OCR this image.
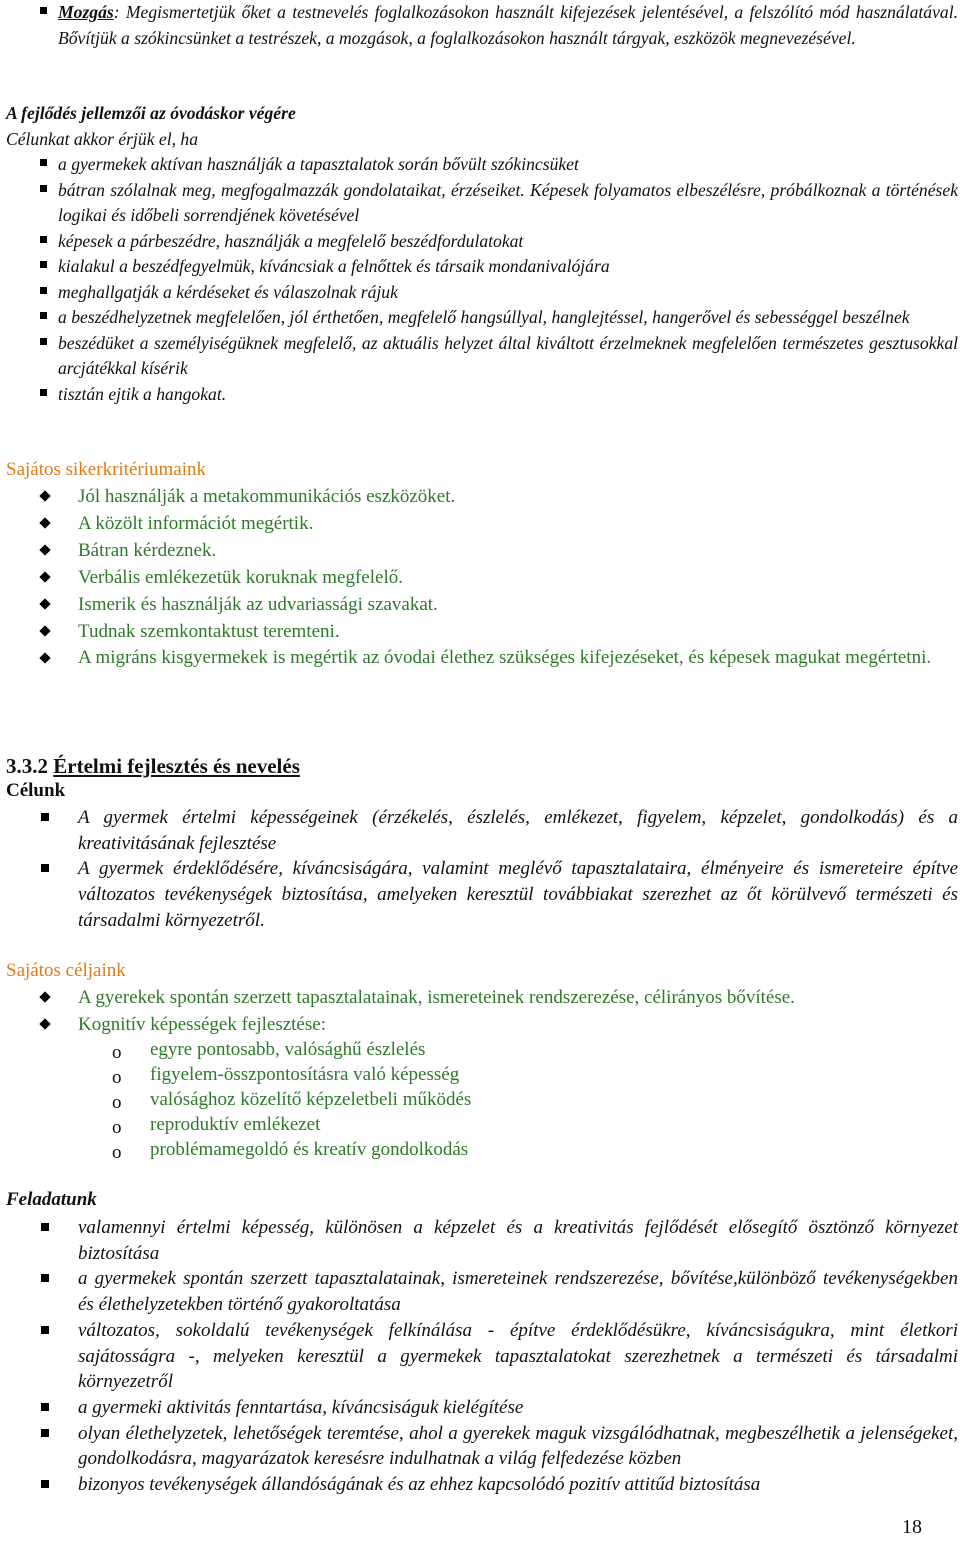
Mozgás: Megismertetjük őket a testnevelés foglalkozásokon használt kifejezések jelentésével, a felszólító mód használatával. Bővítjük a szókincsünket a testrészek, a mozgások, a foglalkozásokon használt tárgyak, eszközök megnevezésével.
A fejlődés jellemzői az óvodáskor végére
Célunkat akkor érjük el, ha
a gyermekek aktívan használják a tapasztalatok során bővült szókincsüket
bátran szólalnak meg, megfogalmazzák gondolataikat, érzéseiket. Képesek folyamatos elbeszélésre, próbálkoznak a történések logikai és időbeli sorrendjének követésével
képesek a párbeszédre, használják a megfelelő beszédfordulatokat
kialakul a beszédfegyelmük, kíváncsiak a felnőttek és társaik mondanivalójára
meghallgatják a kérdéseket és válaszolnak rájuk
a beszédhelyzetnek megfelelően, jól érthetően, megfelelő hangsúllyal, hanglejtéssel, hangerővel és sebességgel beszélnek
beszédüket a személyiségüknek megfelelő, az aktuális helyzet által kiváltott érzelmeknek megfelelően természetes gesztusokkal arcjátékkal kísérik
tisztán ejtik a hangokat.
Sajátos sikerkritériumaink
Jól használják a metakommunikációs eszközöket.
A közölt információt megértik.
Bátran kérdeznek.
Verbális emlékezetük koruknak megfelelő.
Ismerik és használják az udvariassági szavakat.
Tudnak szemkontaktust teremteni.
A migráns kisgyermekek is megértik az óvodai élethez szükséges kifejezéseket, és képesek magukat megértetni.
3.3.2 Értelmi fejlesztés és nevelés
Célunk
A gyermek értelmi képességeinek (érzékelés, észlelés, emlékezet, figyelem, képzelet, gondolkodás) és a kreativitásának fejlesztése
A gyermek érdeklődésére, kíváncsiságára, valamint meglévő tapasztalataira, élményeire és ismereteire építve változatos tevékenységek biztosítása, amelyeken keresztül továbbiakat szerezhet az őt körülvevő természeti és társadalmi környezetről.
Sajátos céljaink
A gyerekek spontán szerzett tapasztalatainak, ismereteinek rendszerezése, célirányos bővítése.
Kognitív képességek fejlesztése:
o egyre pontosabb, valósághű észlelés
o figyelem-összpontosításra való képesség
o valósághoz közelítő képzeletbeli működés
o reproduktív emlékezet
o problémamegoldó és kreatív gondolkodás
Feladatunk
valamennyi értelmi képesség, különösen a képzelet és a kreativitás fejlődését elősegítő ösztönző környezet biztosítása
a gyermekek spontán szerzett tapasztalatainak, ismereteinek rendszerezése, bővítése,különböző tevékenységekben és élethelyzetekben történő gyakoroltatása
változatos, sokoldalú tevékenységek felkínálása - építve érdeklődésükre, kíváncsiságukra, mint életkori sajátosságra -, melyeken keresztül a gyermekek tapasztalatokat szerezhetnek a természeti és társadalmi környezetről
a gyermeki aktivitás fenntartása, kíváncsiságuk kielégítése
olyan élethelyzetek, lehetőségek teremtése, ahol a gyerekek maguk vizsgálódhatnak, megbeszélhetik a jelenségeket, gondolkodásra, magyarázatok keresésre indulhatnak a világ felfedezése közben
bizonyos tevékenységek állandóságának és az ehhez kapcsolódó pozitív attitűd biztosítása
18
